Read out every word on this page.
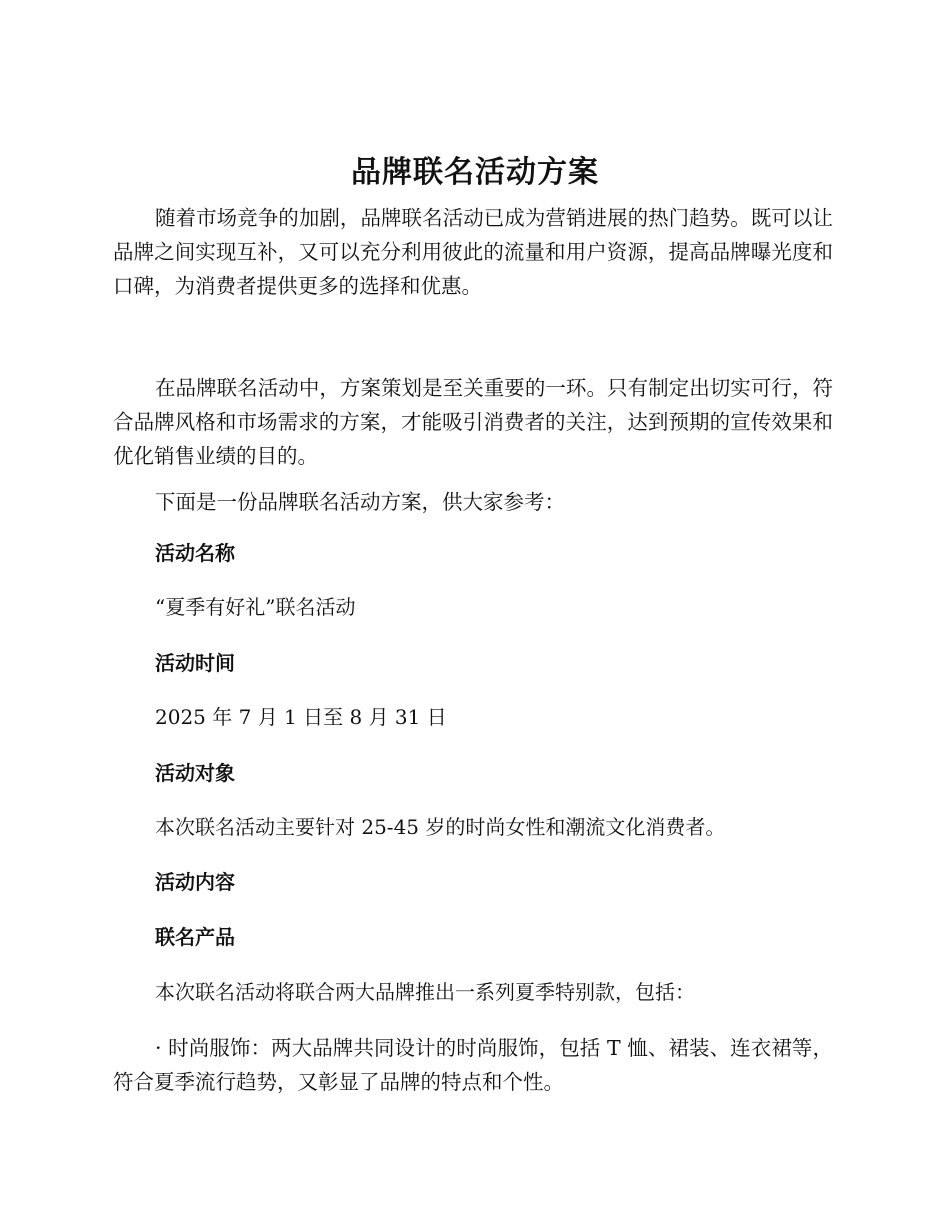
品牌联名活动方案

随着市场竞争的加剧，品牌联名活动已成为营销进展的热门趋势。既可以让品牌之间实现互补，又可以充分利用彼此的流量和用户资源，提高品牌曝光度和口碑，为消费者提供更多的选择和优惠。

在品牌联名活动中，方案策划是至关重要的一环。只有制定出切实可行，符合品牌风格和市场需求的方案，才能吸引消费者的关注，达到预期的宣传效果和优化销售业绩的目的。

下面是一份品牌联名活动方案，供大家参考：

活动名称

“夏季有好礼”联名活动

活动时间

2025 年 7 月 1 日至 8 月 31 日

活动对象

本次联名活动主要针对 25-45 岁的时尚女性和潮流文化消费者。

活动内容
联名产品

本次联名活动将联合两大品牌推出一系列夏季特别款，包括：

· 时尚服饰：两大品牌共同设计的时尚服饰，包括 T 恤、裙装、连衣裙等，符合夏季流行趋势，又彰显了品牌的特点和个性。
